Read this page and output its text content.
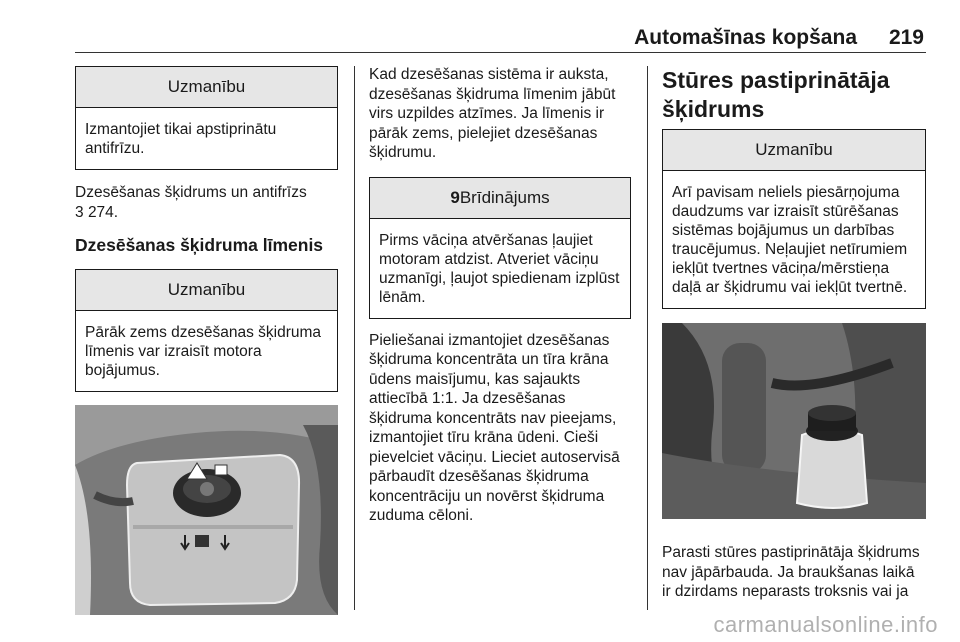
Automašīnas kopšana 219
Uzmanību
Izmantojiet tikai apstiprinātu antifrīzu.

Dzesēšanas šķidrums un antifrīzs
3 274.

Dzesēšanas šķidruma līmenis
Uzmanību
Pārāk zems dzesēšanas šķidruma līmenis var izraisīt motora bojājumus.

Kad dzesēšanas sistēma ir auksta, dzesēšanas šķidruma līmenim jābūt virs uzpildes atzīmes. Ja līmenis ir pārāk zems, pielejiet dzesēšanas šķidrumu.

9Brīdinājums
Pirms vāciņa atvēršanas ļaujiet motoram atdzist. Atveriet vāciņu uzmanīgi, ļaujot spiedienam izplūst lēnām.

Pieliešanai izmantojiet dzesēšanas šķidruma koncentrāta un tīra krāna ūdens maisījumu, kas sajaukts attiecībā 1:1. Ja dzesēšanas šķidruma koncentrāts nav pieejams, izmantojiet tīru krāna ūdeni. Cieši pievelciet vāciņu. Lieciet autoservisā pārbaudīt dzesēšanas šķidruma koncentrāciju un novērst šķidruma zuduma cēloni.

Stūres pastiprinātāja šķidrums
Uzmanību
Arī pavisam neliels piesārņojuma daudzums var izraisīt stūrēšanas sistēmas bojājumus un darbības traucējumus. Neļaujiet netīrumiem iekļūt tvertnes vāciņa/mērstieņa daļā ar šķidrumu vai iekļūt tvertnē.

Parasti stūres pastiprinātāja šķidrums nav jāpārbauda. Ja braukšanas laikā ir dzirdams neparasts troksnis vai ja

carmanualsonline.info
